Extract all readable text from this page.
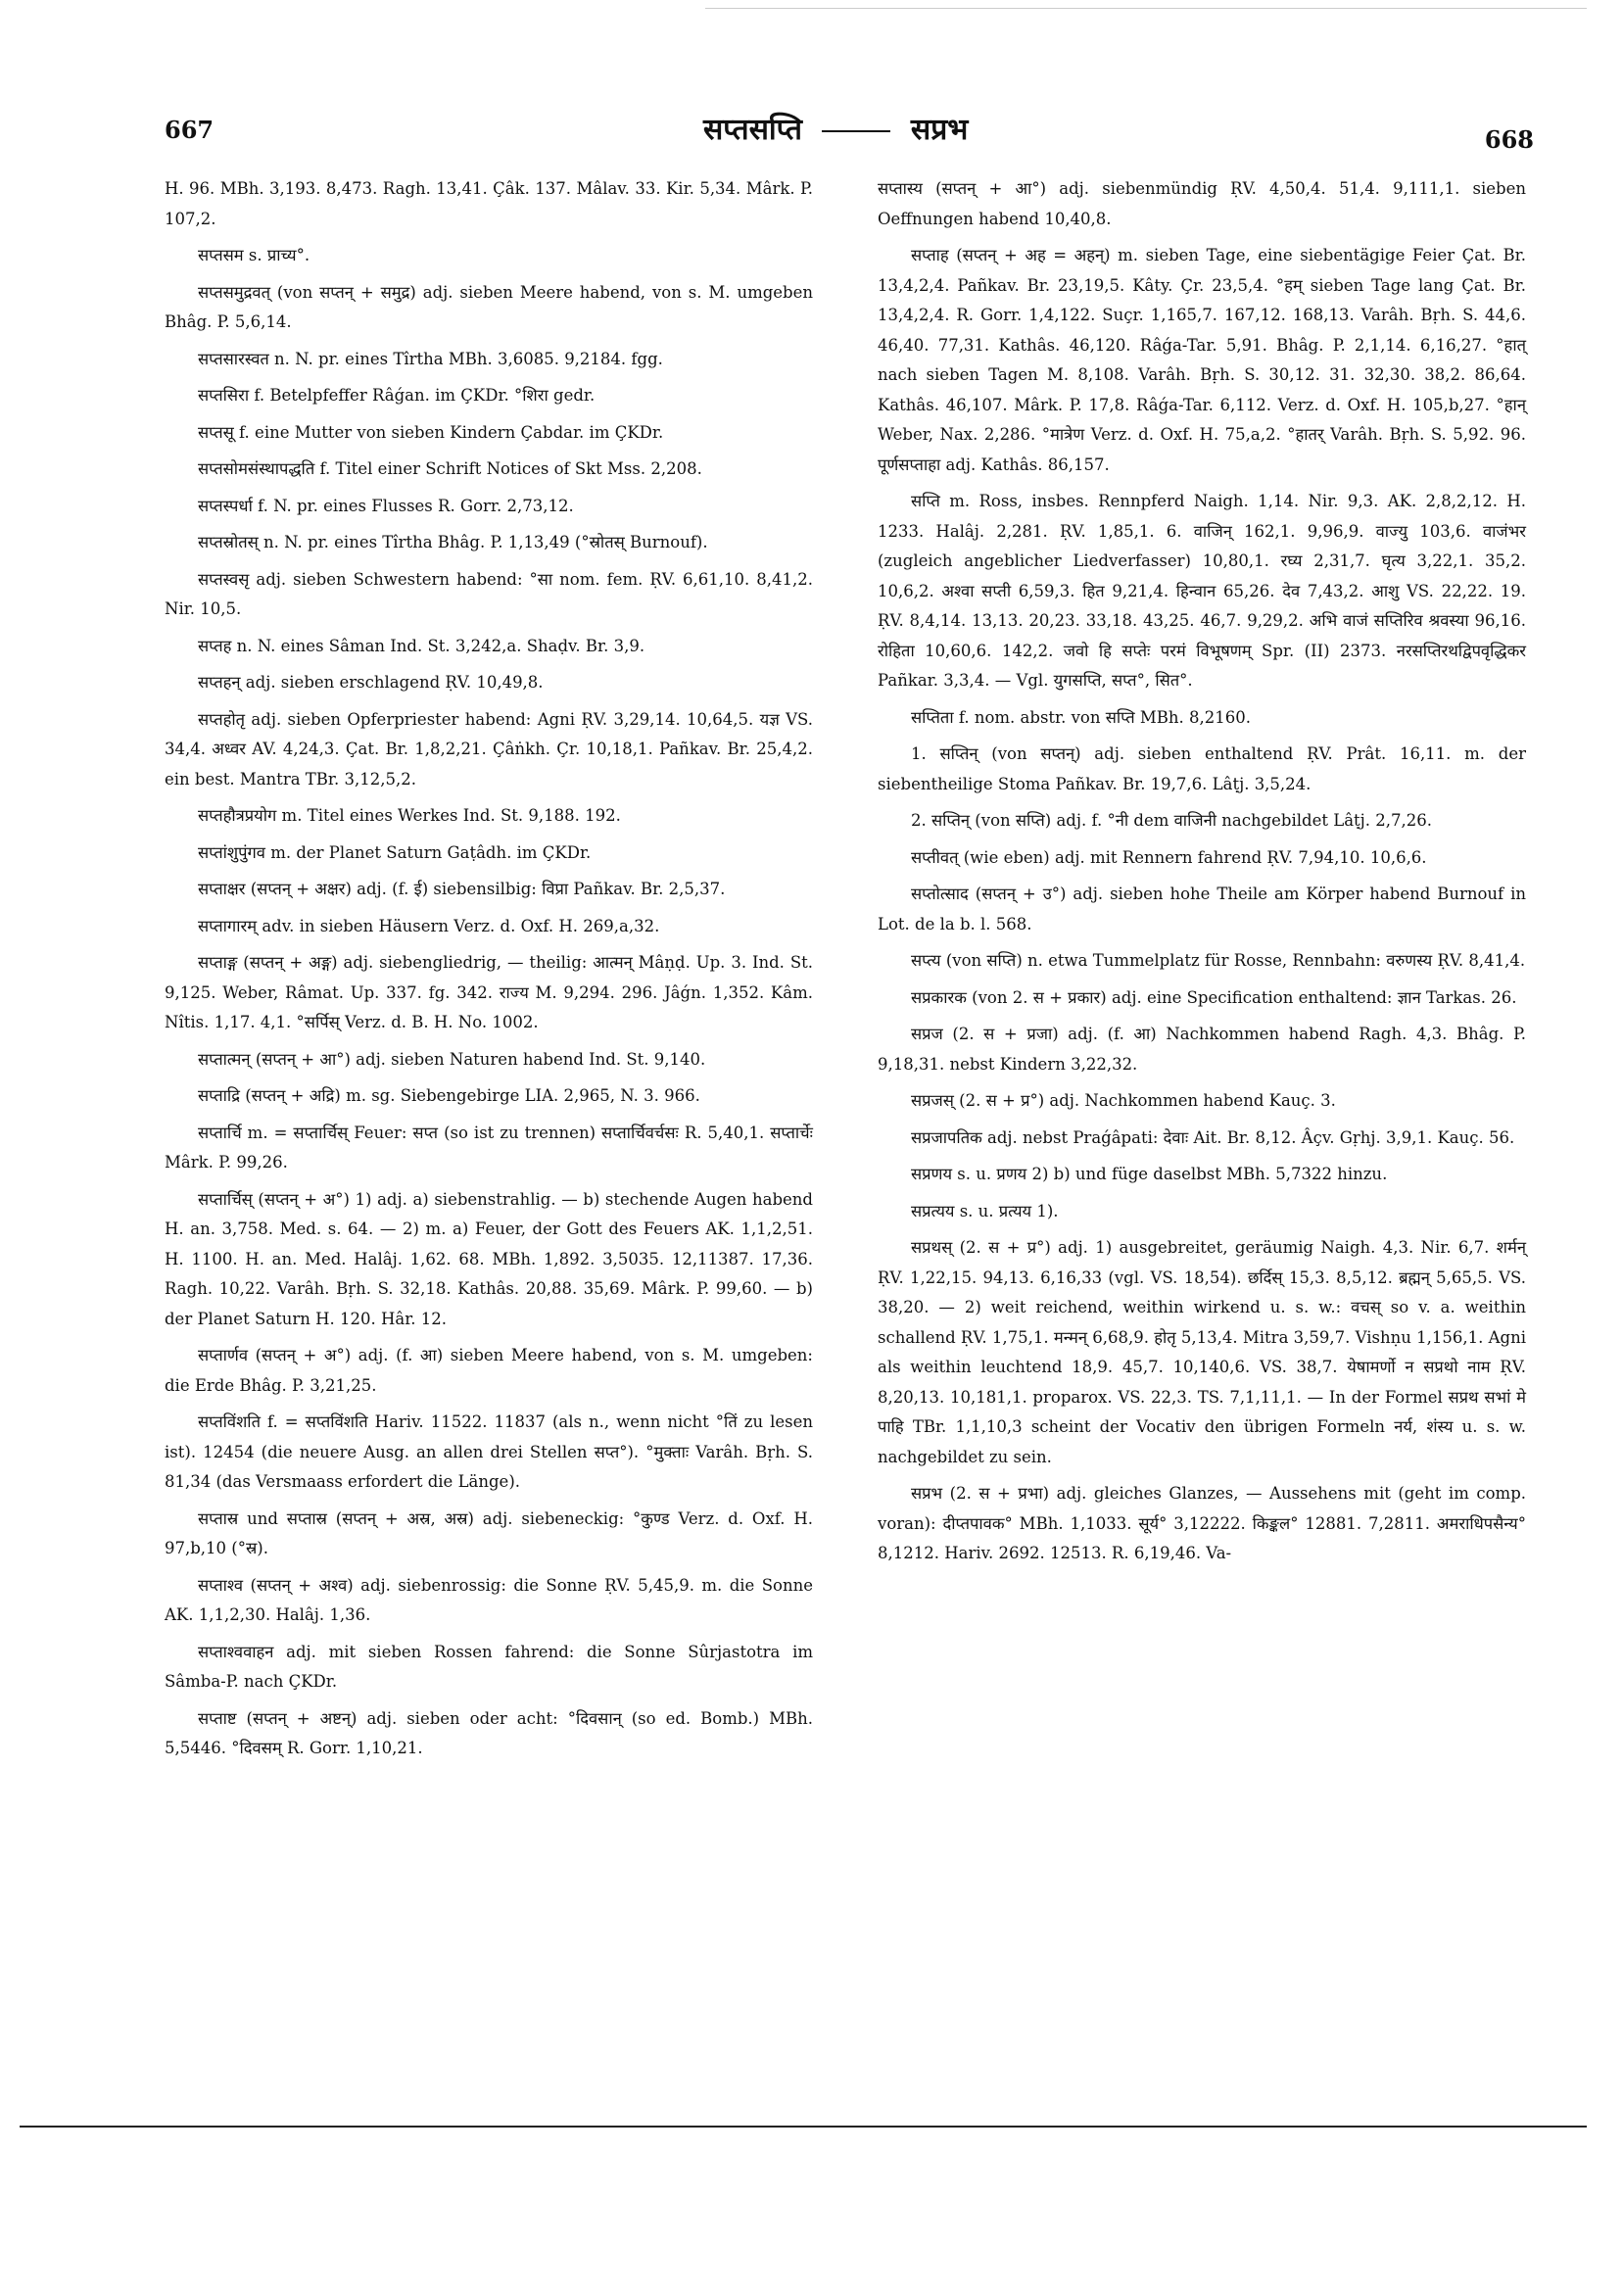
667	सप्तसप्ति	सप्रभ	668

H. 96. MBh. 3,193. 8,473. Ragh. 13,41. Çâk. 137. Mâlav. 33. Kir. 5,34. Mârk. P. 107,2.

सप्तसम s. प्राच्य°.

सप्तसमुद्रवत् (von सप्तन् + समुद्र) adj. sieben Meere habend, von s. M. umgeben Bhâg. P. 5,6,14.

सप्तसारस्वत n. N. pr. eines Tîrtha MBh. 3,6085. 9,2184. fgg.

सप्तसिरा f. Betelpfeffer Râǵan. im ÇKDr. °शिरा gedr.

सप्तसू f. eine Mutter von sieben Kindern Çabdar. im ÇKDr.

सप्तसोमसंस्थापद्धति f. Titel einer Schrift Notices of Skt Mss. 2,208.

सप्तस्पर्धा f. N. pr. eines Flusses R. Gorr. 2,73,12.

सप्तस्रोतस् n. N. pr. eines Tîrtha Bhâg. P. 1,13,49 (°स्रोतस् Burnouf).

सप्तस्वसृ adj. sieben Schwestern habend: °सा nom. fem. ṚV. 6,61,10. 8,41,2. Nir. 10,5.

सप्तह n. N. eines Sâman Ind. St. 3,242,a. Shaḍv. Br. 3,9.

सप्तहन् adj. sieben erschlagend ṚV. 10,49,8.

सप्तहोतृ adj. sieben Opferpriester habend: Agni ṚV. 3,29,14. 10,64,5. यज्ञ VS. 34,4. अध्वर AV. 4,24,3. Çat. Br. 1,8,2,21. Çâṅkh. Çr. 10,18,1. Pañkav. Br. 25,4,2. ein best. Mantra TBr. 3,12,5,2.

सप्तहौत्रप्रयोग m. Titel eines Werkes Ind. St. 9,188. 192.

सप्तांशुपुंगव m. der Planet Saturn Gaṭâdh. im ÇKDr.

सप्ताक्षर (सप्तन् + अक्षर) adj. (f. ई) siebensilbig: विप्रा Pañkav. Br. 2,5,37.

सप्तागारम् adv. in sieben Häusern Verz. d. Oxf. H. 269,a,32.

सप्ताङ्ग (सप्तन् + अङ्ग) adj. siebengliedrig, — theilig: आत्मन् Mâṇḍ. Up. 3. Ind. St. 9,125. Weber, Râmat. Up. 337. fg. 342. राज्य M. 9,294. 296. Jâǵn. 1,352. Kâm. Nîtis. 1,17. 4,1. °सर्पिस् Verz. d. B. H. No. 1002.

सप्तात्मन् (सप्तन् + आ°) adj. sieben Naturen habend Ind. St. 9,140.

सप्ताद्रि (सप्तन् + अद्रि) m. sg. Siebengebirge LIA. 2,965, N. 3. 966.

सप्तार्चि m. = सप्तार्चिस् Feuer: सप्त (so ist zu trennen) सप्तार्चिवर्चसः R. 5,40,1. सप्तार्चेः Mârk. P. 99,26.

सप्तार्चिस् (सप्तन् + अ°) 1) adj. a) siebenstrahlig. — b) stechende Augen habend H. an. 3,758. Med. s. 64. — 2) m. a) Feuer, der Gott des Feuers AK. 1,1,2,51. H. 1100. H. an. Med. Halâj. 1,62. 68. MBh. 1,892. 3,5035. 12,11387. 17,36. Ragh. 10,22. Varâh. Bṛh. S. 32,18. Kathâs. 20,88. 35,69. Mârk. P. 99,60. — b) der Planet Saturn H. 120. Hâr. 12.

सप्तार्णव (सप्तन् + अ°) adj. (f. आ) sieben Meere habend, von s. M. umgeben: die Erde Bhâg. P. 3,21,25.

सप्तविंशति f. = सप्तविंशति Hariv. 11522. 11837 (als n., wenn nicht °तिं zu lesen ist). 12454 (die neuere Ausg. an allen drei Stellen सप्त°). °मुक्ताः Varâh. Bṛh. S. 81,34 (das Versmaass erfordert die Länge).

सप्तास्र und सप्तास्र (सप्तन् + अस्र, अस्र) adj. siebeneckig: °कुण्ड Verz. d. Oxf. H. 97,b,10 (°स्र).

सप्ताश्व (सप्तन् + अश्व) adj. siebenrossig: die Sonne ṚV. 5,45,9. m. die Sonne AK. 1,1,2,30. Halâj. 1,36.

सप्ताश्ववाहन adj. mit sieben Rossen fahrend: die Sonne Sûrjastotra im Sâmba-P. nach ÇKDr.

सप्ताष्ट (सप्तन् + अष्टन्) adj. sieben oder acht: °दिवसान् (so ed. Bomb.) MBh. 5,5446. °दिवसम् R. Gorr. 1,10,21.

सप्तास्य (सप्तन् + आ°) adj. siebenmündig ṚV. 4,50,4. 51,4. 9,111,1. sieben Oeffnungen habend 10,40,8.

सप्ताह (सप्तन् + अह = अहन्) m. sieben Tage, eine siebentägige Feier Çat. Br. 13,4,2,4. Pañkav. Br. 23,19,5. Kâty. Çr. 23,5,4. °हम् sieben Tage lang Çat. Br. 13,4,2,4. R. Gorr. 1,4,122. Suçr. 1,165,7. 167,12. 168,13. Varâh. Bṛh. S. 44,6. 46,40. 77,31. Kathâs. 46,120. Râǵa-Tar. 5,91. Bhâg. P. 2,1,14. 6,16,27. °हात् nach sieben Tagen M. 8,108. Varâh. Bṛh. S. 30,12. 31. 32,30. 38,2. 86,64. Kathâs. 46,107. Mârk. P. 17,8. Râǵa-Tar. 6,112. Verz. d. Oxf. H. 105,b,27. °हान् Weber, Nax. 2,286. °मात्रेण Verz. d. Oxf. H. 75,a,2. °हातर् Varâh. Bṛh. S. 5,92. 96. पूर्णसप्ताहा adj. Kathâs. 86,157.

सप्ति m. Ross, insbes. Rennpferd Naigh. 1,14. Nir. 9,3. AK. 2,8,2,12. H. 1233. Halâj. 2,281. ṚV. 1,85,1. 6. वाजिन् 162,1. 9,96,9. वाज्यु 103,6. वाजंभर (zugleich angeblicher Liedverfasser) 10,80,1. रघ्य 2,31,7. घृत्य 3,22,1. 35,2. 10,6,2. अश्वा सप्ती 6,59,3. हित 9,21,4. हिन्वान 65,26. देव 7,43,2. आशु VS. 22,22. 19. ṚV. 8,4,14. 13,13. 20,23. 33,18. 43,25. 46,7. 9,29,2. अभि वाजं सप्तिरिव श्रवस्या 96,16. रोहिता 10,60,6. 142,2. जवो हि सप्तेः परमं विभूषणम् Spr. (II) 2373. नरसप्तिरथद्विपवृद्धिकर Pañkar. 3,3,4. — Vgl. युगसप्ति, सप्त°, सित°.

सप्तिता f. nom. abstr. von सप्ति MBh. 8,2160.

1. सप्तिन् (von सप्तन्) adj. sieben enthaltend ṚV. Prât. 16,11. m. der siebentheilige Stoma Pañkav. Br. 19,7,6. Lâṭj. 3,5,24.

2. सप्तिन् (von सप्ति) adj. f. °नी dem वाजिनी nachgebildet Lâṭj. 2,7,26.

सप्तीवत् (wie eben) adj. mit Rennern fahrend ṚV. 7,94,10. 10,6,6.

सप्तोत्साद (सप्तन् + उ°) adj. sieben hohe Theile am Körper habend Burnouf in Lot. de la b. l. 568.

सप्त्य (von सप्ति) n. etwa Tummelplatz für Rosse, Rennbahn: वरुणस्य ṚV. 8,41,4.

सप्रकारक (von 2. स + प्रकार) adj. eine Specification enthaltend: ज्ञान Tarkas. 26.

सप्रज (2. स + प्रजा) adj. (f. आ) Nachkommen habend Ragh. 4,3. Bhâg. P. 9,18,31. nebst Kindern 3,22,32.

सप्रजस् (2. स + प्र°) adj. Nachkommen habend Kauç. 3.

सप्रजापतिक adj. nebst Praǵâpati: देवाः Ait. Br. 8,12. Âçv. Gṛhj. 3,9,1. Kauç. 56.

सप्रणय s. u. प्रणय 2) b) und füge daselbst MBh. 5,7322 hinzu.

सप्रत्यय s. u. प्रत्यय 1).

सप्रथस् (2. स + प्र°) adj. 1) ausgebreitet, geräumig Naigh. 4,3. Nir. 6,7. शर्मन् ṚV. 1,22,15. 94,13. 6,16,33 (vgl. VS. 18,54). छर्दिस् 15,3. 8,5,12. ब्रह्मन् 5,65,5. VS. 38,20. — 2) weit reichend, weithin wirkend u. s. w.: वचस् so v. a. weithin schallend ṚV. 1,75,1. मन्मन् 6,68,9. होतृ 5,13,4. Mitra 3,59,7. Vishṇu 1,156,1. Agni als weithin leuchtend 18,9. 45,7. 10,140,6. VS. 38,7. येषामर्णो न सप्रथो नाम ṚV. 8,20,13. 10,181,1. proparox. VS. 22,3. TS. 7,1,11,1. — In der Formel सप्रथ सभां मे पाहि TBr. 1,1,10,3 scheint der Vocativ den übrigen Formeln नर्य, शंस्य u. s. w. nachgebildet zu sein.

सप्रभ (2. स + प्रभा) adj. gleiches Glanzes, — Aussehens mit (geht im comp. voran): दीप्तपावक° MBh. 1,1033. सूर्य° 3,12222. किङ्कल° 12881. 7,2811. अमराधिपसैन्य° 8,1212. Hariv. 2692. 12513. R. 6,19,46. Va-
